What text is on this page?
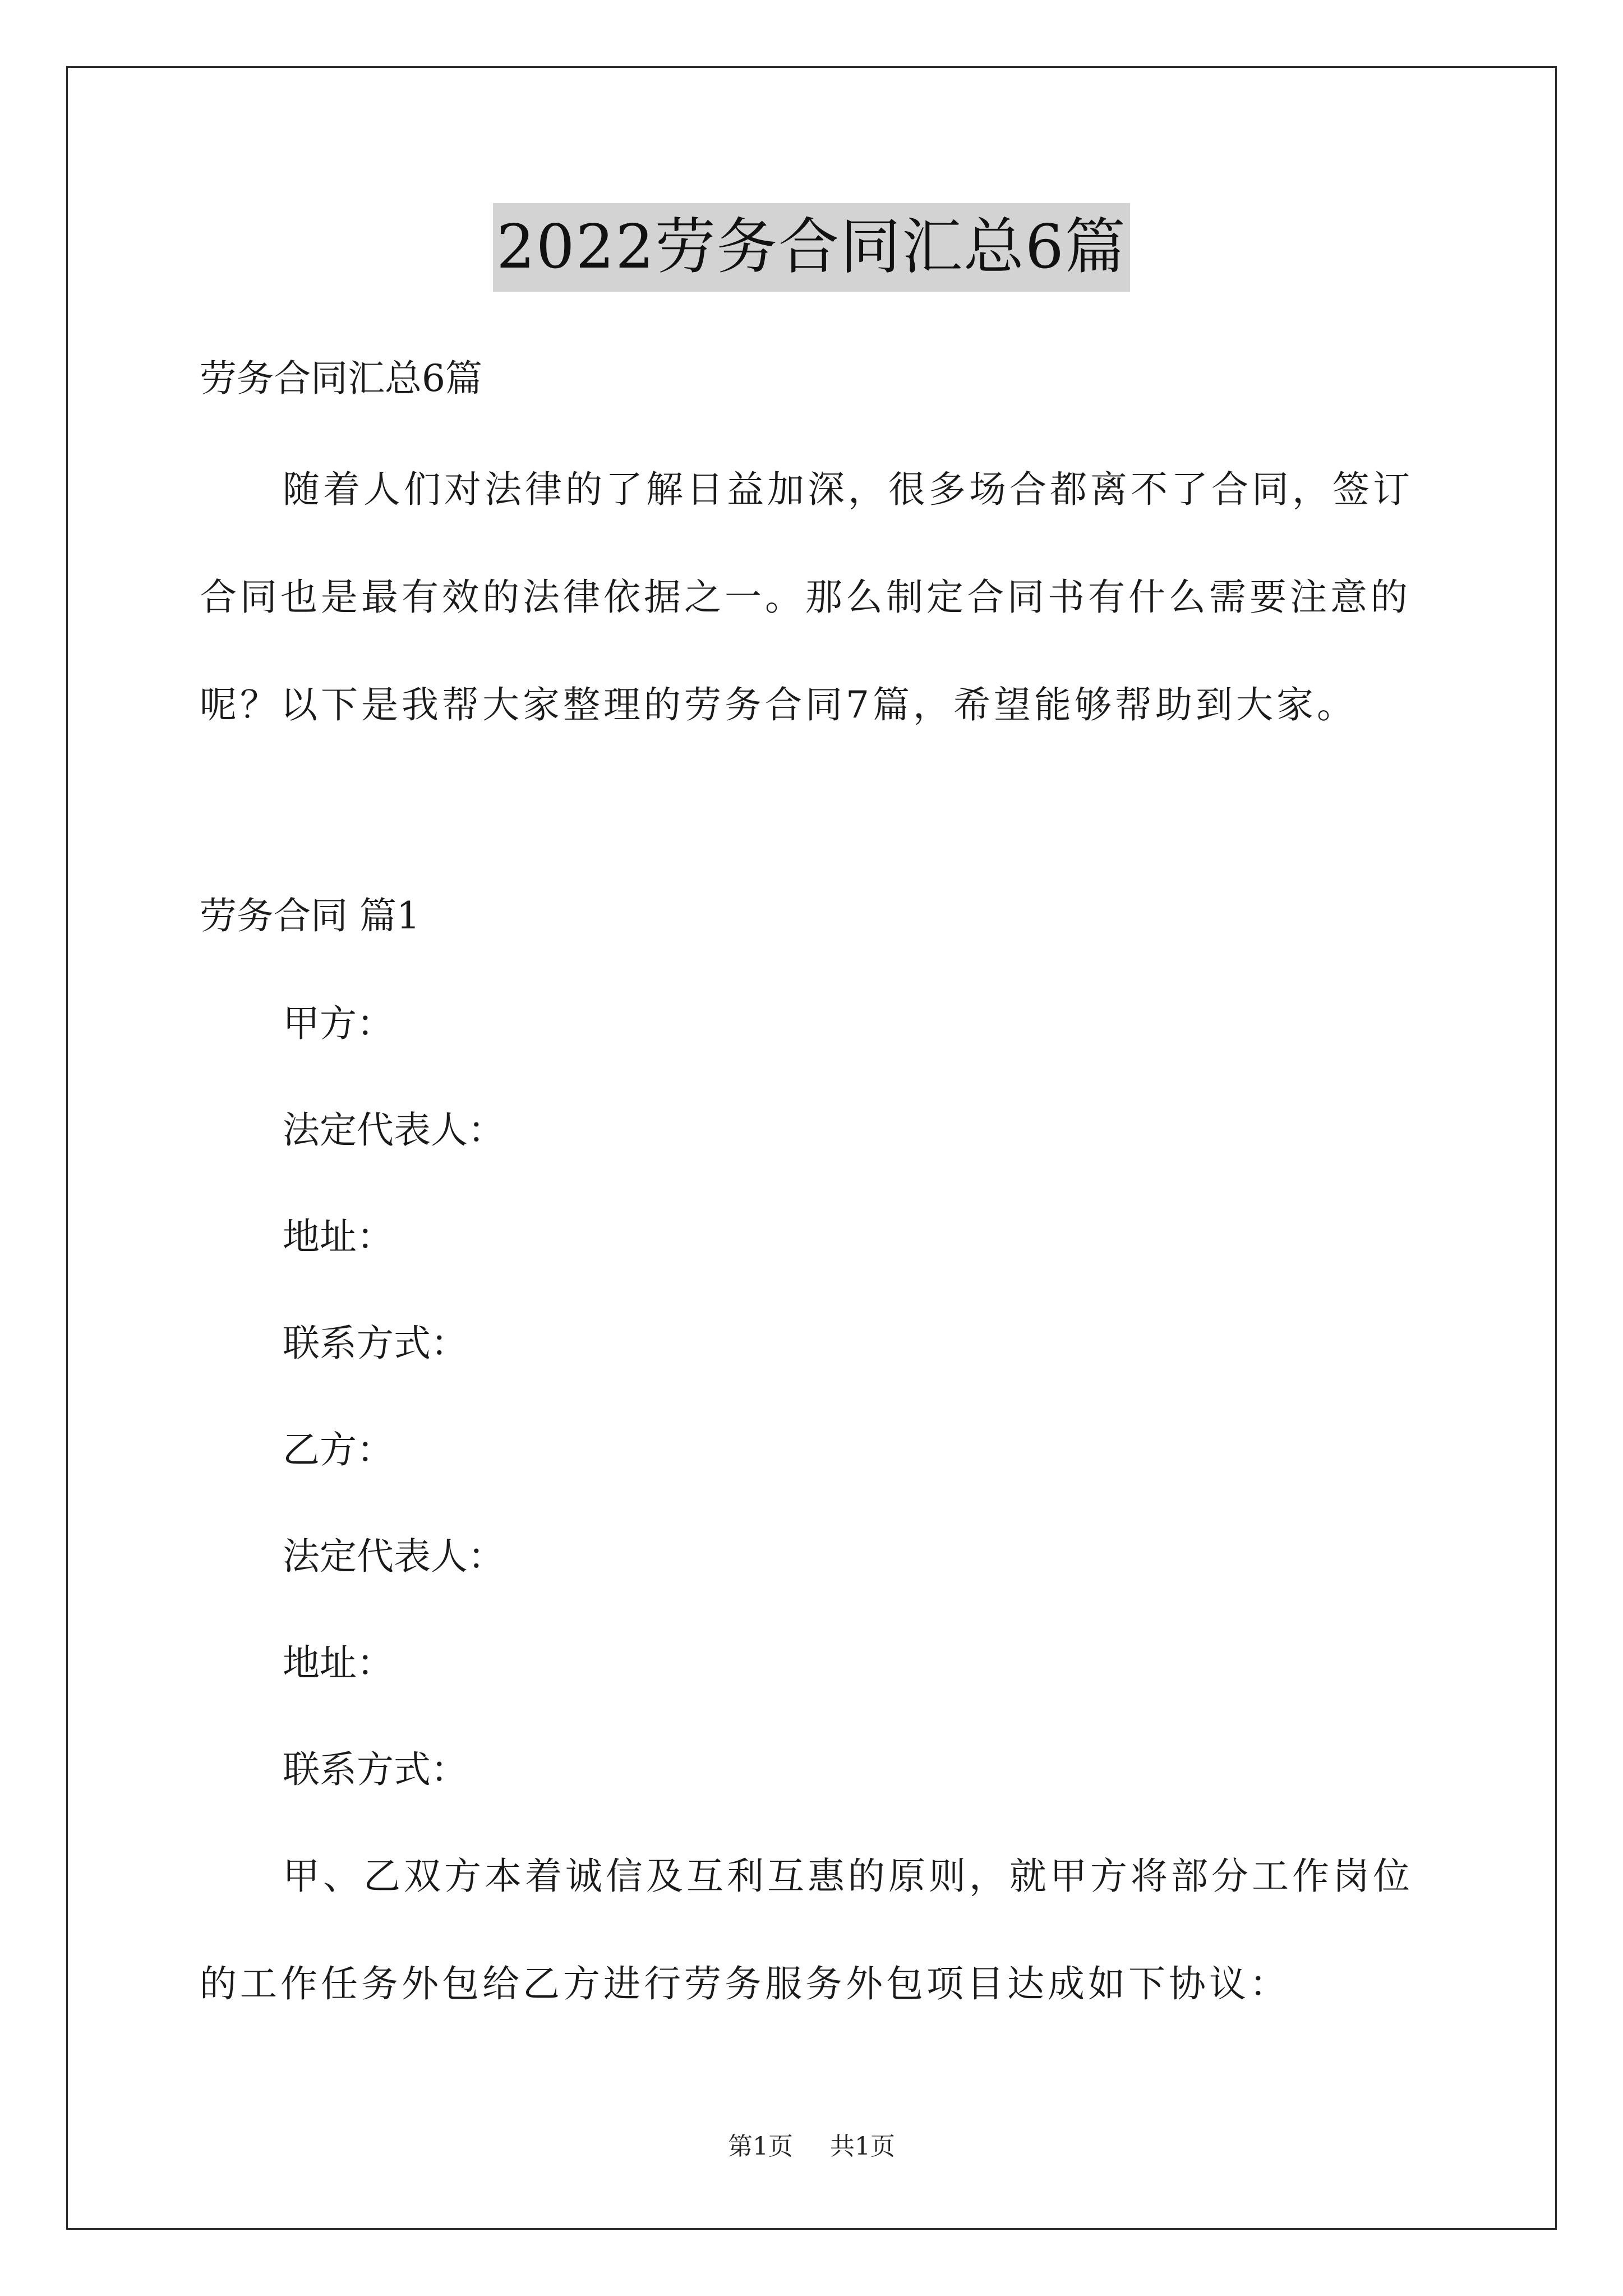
2022劳务合同汇总6篇

劳务合同汇总6篇

随着人们对法律的了解日益加深，很多场合都离不了合同，签订

合同也是最有效的法律依据之一。那么制定合同书有什么需要注意的

呢？以下是我帮大家整理的劳务合同7篇，希望能够帮助到大家。

劳务合同 篇1

甲方：

法定代表人：

地址：

联系方式：

乙方：

法定代表人：

地址：

联系方式：

甲、乙双方本着诚信及互利互惠的原则，就甲方将部分工作岗位

的工作任务外包给乙方进行劳务服务外包项目达成如下协议：

第1页 共1页
